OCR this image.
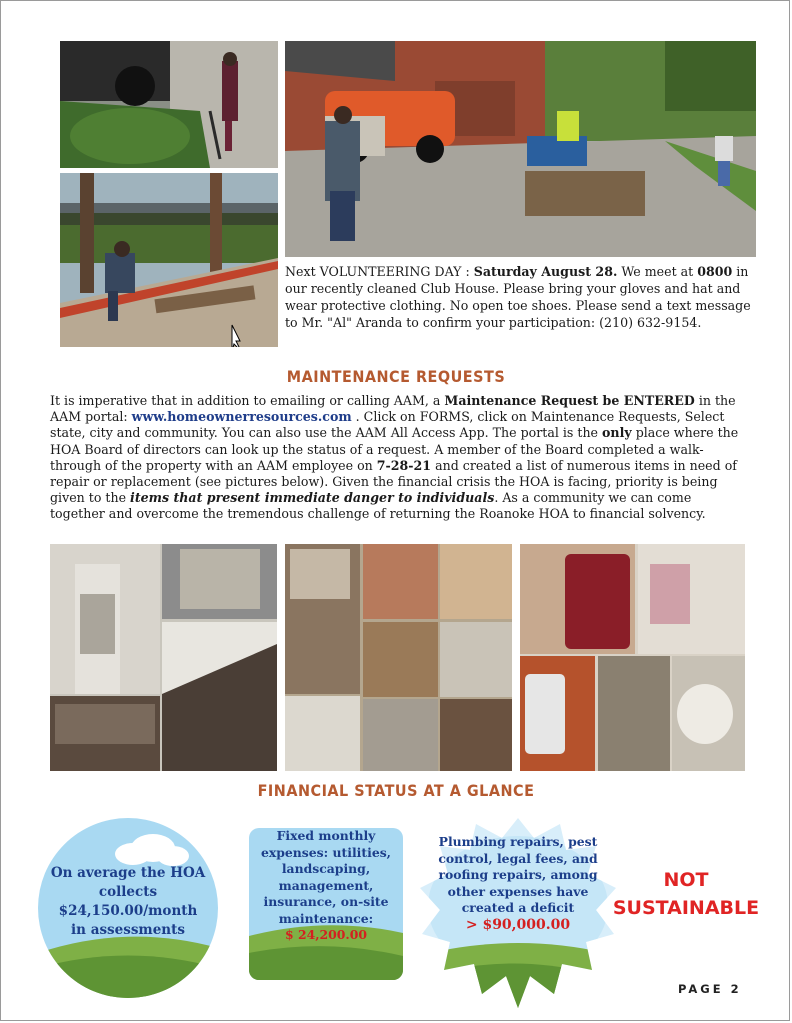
Next VOLUNTEERING DAY : Saturday August 28. We meet at 0800 in our recently cleaned Club House. Please bring your gloves and hat and wear protective clothing. No open toe shoes. Please send a text message to Mr. "Al" Aranda to confirm your participation: (210) 632-9154.
MAINTENANCE REQUESTS
It is imperative that in addition to emailing or calling AAM, a Maintenance Request be ENTERED in the AAM portal: www.homeownerresources.com . Click on FORMS, click on Maintenance Requests, Select state, city and community. You can also use the AAM All Access App. The portal is the only place where the HOA Board of directors can look up the status of a request. A member of the Board completed a walk-through of the property with an AAM employee on 7-28-21 and created a list of numerous items in need of repair or replacement (see pictures below). Given the financial crisis the HOA is facing, priority is being given to the items that present immediate danger to individuals. As a community we can come together and overcome the tremendous challenge of returning the Roanoke HOA to financial solvency.
FINANCIAL STATUS AT A GLANCE
On average the HOA collects $24,150.00/month in assessments
Fixed monthly expenses: utilities, landscaping, management, insurance, on-site maintenance:
$ 24,200.00
Plumbing repairs, pest control, legal fees, and roofing repairs, among other expenses have created a deficit
> $90,000.00
NOT
SUSTAINABLE
PAGE 2
